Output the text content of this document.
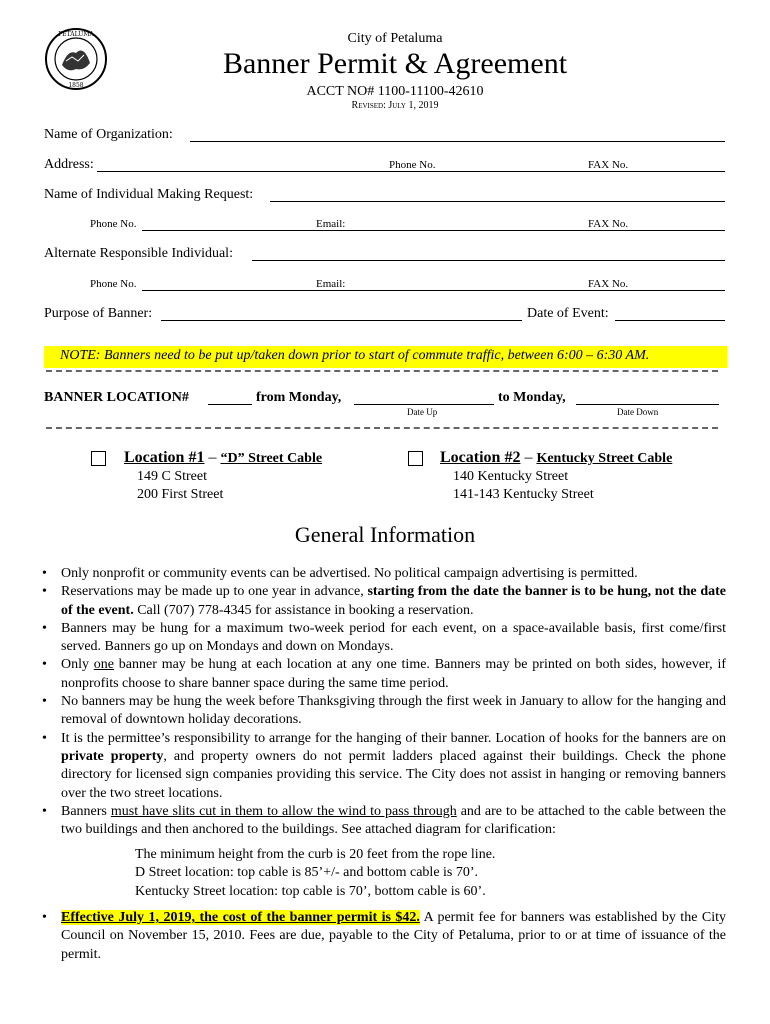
PETALUMA
1858
City of Petaluma
Banner Permit & Agreement
ACCT NO# 1100-11100-42610
Revised: July 1, 2019
Name of Organization:
Address:	Phone No.	FAX No.
Name of Individual Making Request:
Phone No.	Email:	FAX No.
Alternate Responsible Individual:
Phone No.	Email:	FAX No.
Purpose of Banner:	Date of Event:
NOTE: Banners need to be put up/taken down prior to start of commute traffic, between 6:00 – 6:30 AM.
BANNER LOCATION#	from Monday,	to Monday,
Date Up	Date Down
Location #1 – “D” Street Cable
149 C Street
200 First Street
Location #2 – Kentucky Street Cable
140 Kentucky Street
141-143 Kentucky Street
General Information
• Only nonprofit or community events can be advertised. No political campaign advertising is permitted.
• Reservations may be made up to one year in advance, starting from the date the banner is to be hung, not the date of the event. Call (707) 778-4345 for assistance in booking a reservation.
• Banners may be hung for a maximum two-week period for each event, on a space-available basis, first come/first served. Banners go up on Mondays and down on Mondays.
• Only one banner may be hung at each location at any one time. Banners may be printed on both sides, however, if nonprofits choose to share banner space during the same time period.
• No banners may be hung the week before Thanksgiving through the first week in January to allow for the hanging and removal of downtown holiday decorations.
• It is the permittee’s responsibility to arrange for the hanging of their banner. Location of hooks for the banners are on private property, and property owners do not permit ladders placed against their buildings. Check the phone directory for licensed sign companies providing this service. The City does not assist in hanging or removing banners over the two street locations.
• Banners must have slits cut in them to allow the wind to pass through and are to be attached to the cable between the two buildings and then anchored to the buildings. See attached diagram for clarification:
The minimum height from the curb is 20 feet from the rope line.
D Street location: top cable is 85’+/- and bottom cable is 70’.
Kentucky Street location: top cable is 70’, bottom cable is 60’.
• Effective July 1, 2019, the cost of the banner permit is $42. A permit fee for banners was established by the City Council on November 15, 2010. Fees are due, payable to the City of Petaluma, prior to or at time of issuance of the permit.
